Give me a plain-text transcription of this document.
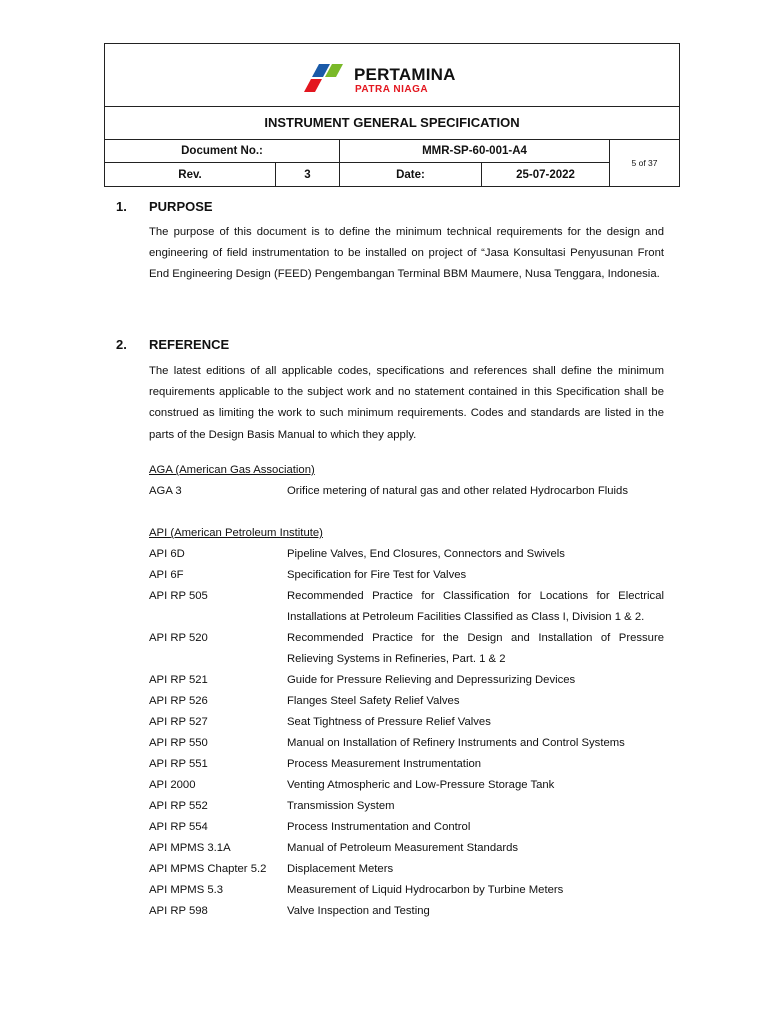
PERTAMINA
PATRA NIAGA
INSTRUMENT GENERAL SPECIFICATION
Document No.:	MMR-SP-60-001-A4
Rev.	3	Date:	25-07-2022
5 of 37
1. PURPOSE
The purpose of this document is to define the minimum technical requirements for the design and engineering of field instrumentation to be installed on project of “Jasa Konsultasi Penyusunan Front End Engineering Design (FEED) Pengembangan Terminal BBM Maumere, Nusa Tenggara, Indonesia.
2. REFERENCE
The latest editions of all applicable codes, specifications and references shall define the minimum requirements applicable to the subject work and no statement contained in this Specification shall be construed as limiting the work to such minimum requirements. Codes and standards are listed in the parts of the Design Basis Manual to which they apply.
AGA (American Gas Association)
AGA 3	Orifice metering of natural gas and other related Hydrocarbon Fluids
API (American Petroleum Institute)
API 6D	Pipeline Valves, End Closures, Connectors and Swivels
API 6F	Specification for Fire Test for Valves
API RP 505	Recommended Practice for Classification for Locations for Electrical Installations at Petroleum Facilities Classified as Class I, Division 1 & 2.
API RP 520	Recommended Practice for the Design and Installation of Pressure Relieving Systems in Refineries, Part. 1 & 2
API RP 521	Guide for Pressure Relieving and Depressurizing Devices
API RP 526	Flanges Steel Safety Relief Valves
API RP 527	Seat Tightness of Pressure Relief Valves
API RP 550	Manual on Installation of Refinery Instruments and Control Systems
API RP 551	Process Measurement Instrumentation
API 2000	Venting Atmospheric and Low-Pressure Storage Tank
API RP 552	Transmission System
API RP 554	Process Instrumentation and Control
API MPMS 3.1A	Manual of Petroleum Measurement Standards
API MPMS Chapter 5.2	Displacement Meters
API MPMS 5.3	Measurement of Liquid Hydrocarbon by Turbine Meters
API RP 598	Valve Inspection and Testing
